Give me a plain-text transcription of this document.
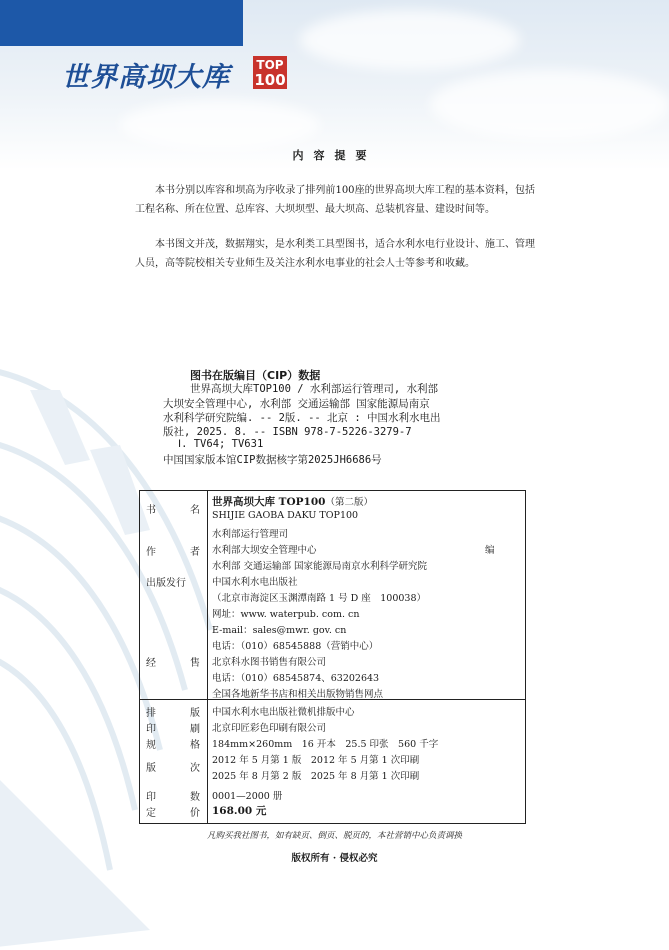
世界高坝大库 TOP
100
内容提要
本书分别以库容和坝高为序收录了排列前100座的世界高坝大库工程的基本资料，包括工程名称、所在位置、总库容、大坝坝型、最大坝高、总装机容量、建设时间等。
本书图文并茂，数据翔实，是水利类工具型图书，适合水利水电行业设计、施工、管理人员，高等院校相关专业师生及关注水利水电事业的社会人士等参考和收藏。
图书在版编目（CIP）数据
世界高坝大库TOP100 / 水利部运行管理司, 水利部
大坝安全管理中心, 水利部 交通运输部 国家能源局南京
水利科学研究院编. -- 2版. -- 北京 : 中国水利水电出
版社, 2025. 8. -- ISBN 978-7-5226-3279-7
Ⅰ. TV64; TV631
中国国家版本馆CIP数据核字第2025JH6686号
书	名
世界高坝大库 TOP100（第二版）
SHIJIE GAOBA DAKU TOP100
作	者
水利部运行管理司
水利部大坝安全管理中心
水利部 交通运输部 国家能源局南京水利科学研究院
编
出版发行	中国水利水电出版社
（北京市海淀区玉渊潭南路 1 号 D 座　100038）
网址：www. waterpub. com. cn
E-mail：sales@mwr. gov. cn
电话：（010）68545888（营销中心）
经	售 北京科水图书销售有限公司
电话：（010）68545874、63202643
全国各地新华书店和相关出版物销售网点
排	版 中国水利水电出版社微机排版中心
印	刷 北京印匠彩色印刷有限公司
规	格 184mm×260mm　16 开本　25.5 印张　560 千字
版	次
2012 年 5 月第 1 版　2012 年 5 月第 1 次印刷
2025 年 8 月第 2 版　2025 年 8 月第 1 次印刷
印	数 0001—2000 册
定	价 168.00 元
凡购买我社图书，如有缺页、倒页、脱页的，本社营销中心负责调换
版权所有 · 侵权必究
